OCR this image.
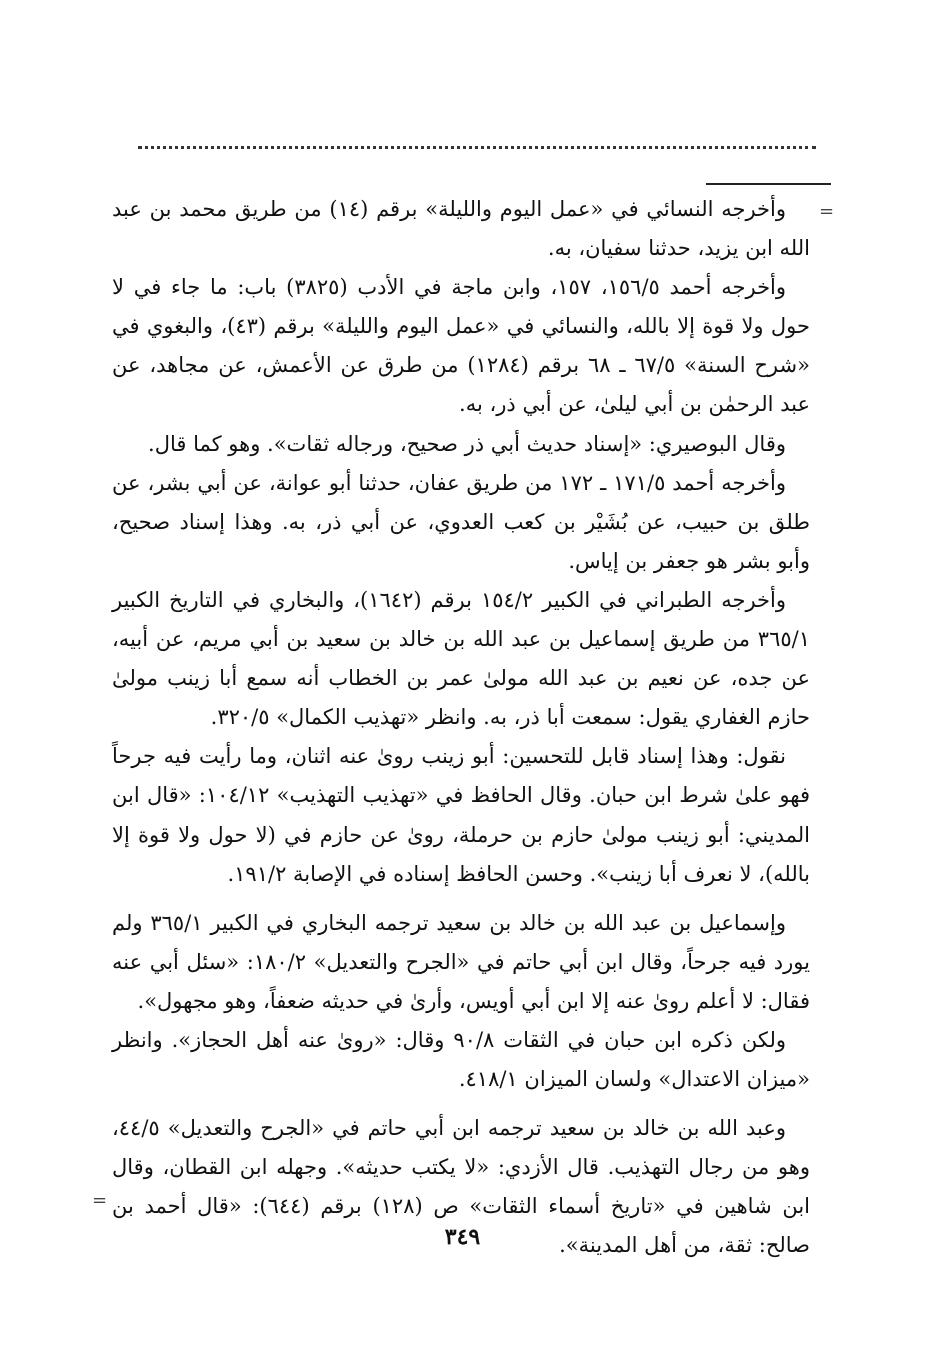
=

وأخرجه النسائي في «عمل اليوم والليلة» برقم (١٤) من طريق محمد بن عبد الله ابن يزيد، حدثنا سفيان، به.

وأخرجه أحمد ١٥٦/٥، ١٥٧، وابن ماجة في الأدب (٣٨٢٥) باب: ما جاء في لا حول ولا قوة إلا بالله، والنسائي في «عمل اليوم والليلة» برقم (٤٣)، والبغوي في «شرح السنة» ٦٧/٥ ـ ٦٨ برقم (١٢٨٤) من طرق عن الأعمش، عن مجاهد، عن عبد الرحمٰن بن أبي ليلىٰ، عن أبي ذر، به.

وقال البوصيري: «إسناد حديث أبي ذر صحيح، ورجاله ثقات». وهو كما قال.

وأخرجه أحمد ١٧١/٥ ـ ١٧٢ من طريق عفان، حدثنا أبو عوانة، عن أبي بشر، عن طلق بن حبيب، عن بُشَيْر بن كعب العدوي، عن أبي ذر، به. وهذا إسناد صحيح، وأبو بشر هو جعفر بن إياس.

وأخرجه الطبراني في الكبير ١٥٤/٢ برقم (١٦٤٢)، والبخاري في التاريخ الكبير ٣٦٥/١ من طريق إسماعيل بن عبد الله بن خالد بن سعيد بن أبي مريم، عن أبيه، عن جده، عن نعيم بن عبد الله مولىٰ عمر بن الخطاب أنه سمع أبا زينب مولىٰ حازم الغفاري يقول: سمعت أبا ذر، به. وانظر «تهذيب الكمال» ٣٢٠/٥.

نقول: وهذا إسناد قابل للتحسين: أبو زينب روىٰ عنه اثنان، وما رأيت فيه جرحاً فهو علىٰ شرط ابن حبان. وقال الحافظ في «تهذيب التهذيب» ١٠٤/١٢: «قال ابن المديني: أبو زينب مولىٰ حازم بن حرملة، روىٰ عن حازم في (لا حول ولا قوة إلا بالله)، لا نعرف أبا زينب». وحسن الحافظ إسناده في الإصابة ١٩١/٢.

وإسماعيل بن عبد الله بن خالد بن سعيد ترجمه البخاري في الكبير ٣٦٥/١ ولم يورد فيه جرحاً، وقال ابن أبي حاتم في «الجرح والتعديل» ١٨٠/٢: «سئل أبي عنه فقال: لا أعلم روىٰ عنه إلا ابن أبي أويس، وأرىٰ في حديثه ضعفاً، وهو مجهول».

ولكن ذكره ابن حبان في الثقات ٩٠/٨ وقال: «روىٰ عنه أهل الحجاز». وانظر «ميزان الاعتدال» ولسان الميزان ٤١٨/١.

وعبد الله بن خالد بن سعيد ترجمه ابن أبي حاتم في «الجرح والتعديل» ٤٤/٥، وهو من رجال التهذيب. قال الأزدي: «لا يكتب حديثه». وجهله ابن القطان، وقال ابن شاهين في «تاريخ أسماء الثقات» ص (١٢٨) برقم (٦٤٤): «قال أحمد بن صالح: ثقة، من أهل المدينة».

=
٣٤٩
